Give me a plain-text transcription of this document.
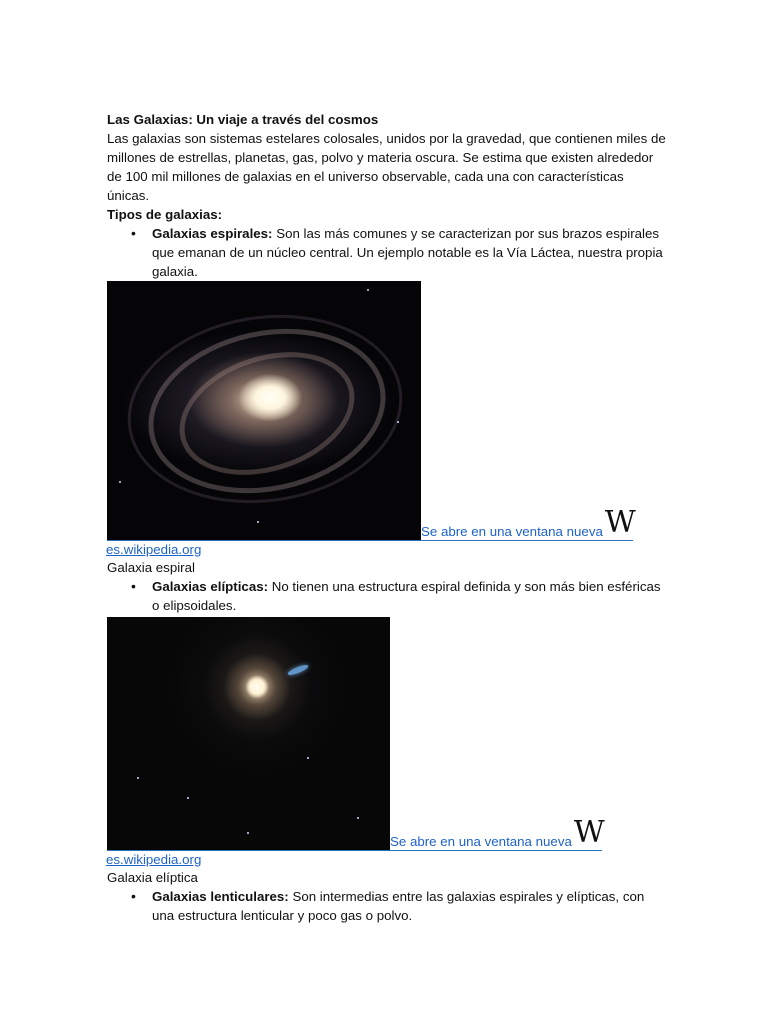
Las Galaxias: Un viaje a través del cosmos

Las galaxias son sistemas estelares colosales, unidos por la gravedad, que contienen miles de millones de estrellas, planetas, gas, polvo y materia oscura. Se estima que existen alrededor de 100 mil millones de galaxias en el universo observable, cada una con características únicas.

Tipos de galaxias:
• Galaxias espirales: Son las más comunes y se caracterizan por sus brazos espirales que emanan de un núcleo central. Un ejemplo notable es la Vía Láctea, nuestra propia galaxia.
Se abre en una ventana nueva W
es.wikipedia.org
Galaxia espiral
• Galaxias elípticas: No tienen una estructura espiral definida y son más bien esféricas o elipsoidales.
Se abre en una ventana nueva W
es.wikipedia.org
Galaxia elíptica
• Galaxias lenticulares: Son intermedias entre las galaxias espirales y elípticas, con una estructura lenticular y poco gas o polvo.
